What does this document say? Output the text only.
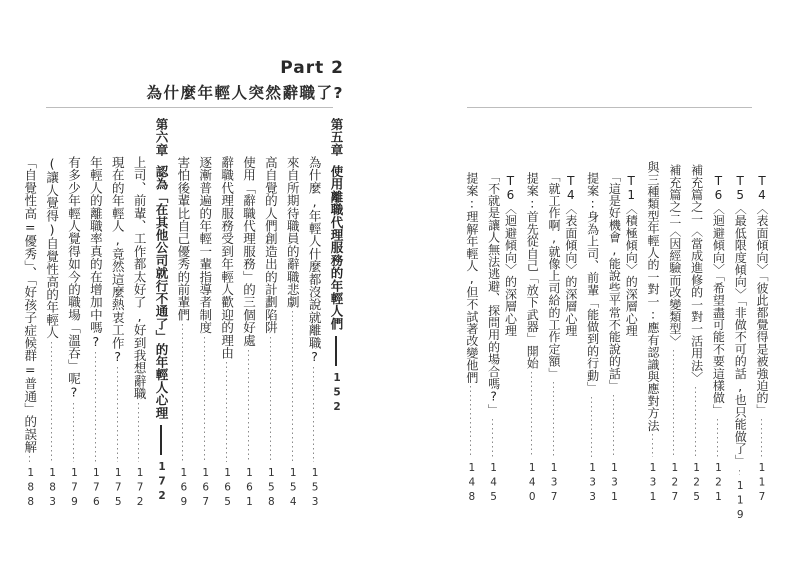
Part 2
為什麼年輕人突然辭職了?
第五章
使用離職代理服務的年輕人們
152
為什麼,年輕人什麼都沒說就離職?
153
來自所期待職員的辭職悲劇
154
高自覺的人們創造出的計劃陷阱
158
使用「辭職代理服務」的三個好處
161
辭職代理服務受到年輕人歡迎的理由
165
逐漸普遍的年輕一輩指導者制度
167
害怕後輩比自己優秀的前輩們
169
第六章
認為「在其他公司就行不通了」的年輕人心理
172
上司、前輩、工作都太好了,好到我想辭職
172
現在的年輕人,竟然這麼熱衷工作?
175
年輕人的離職率真的在增加中嗎?
176
有多少年輕人覺得如今的職場「溫吞」呢?
179
(讓人覺得)自覺性高的年輕人
183
「自覺性高=優秀」、「好孩子症候群=普通」的誤解
188
T4〈表面傾向〉「彼此都覺得是被強迫的」
117
T5〈最低限度傾向〉「非做不可的話,也只能做了」
119
T6〈迴避傾向〉「希望盡可能不要這樣做」
121
補充篇之一〈當成進修的一對一活用法〉
125
補充篇之二〈因經驗而改變類型〉
127
與三種類型年輕人的一對一:應有認識與應對方法
131
T1〈積極傾向〉的深層心理
「這是好機會,能說些平常不能說的話」
131
提案:身為上司、前輩「能做到的行動」
133
T4〈表面傾向〉的深層心理
「就工作啊,就像上司給的工作定額」
137
提案:首先從自己「放下武器」開始
140
T6〈迴避傾向〉的深層心理
「不就是讓人無法逃避、探問用的場合嗎?」
145
提案:理解年輕人,但不試著改變他們
148
